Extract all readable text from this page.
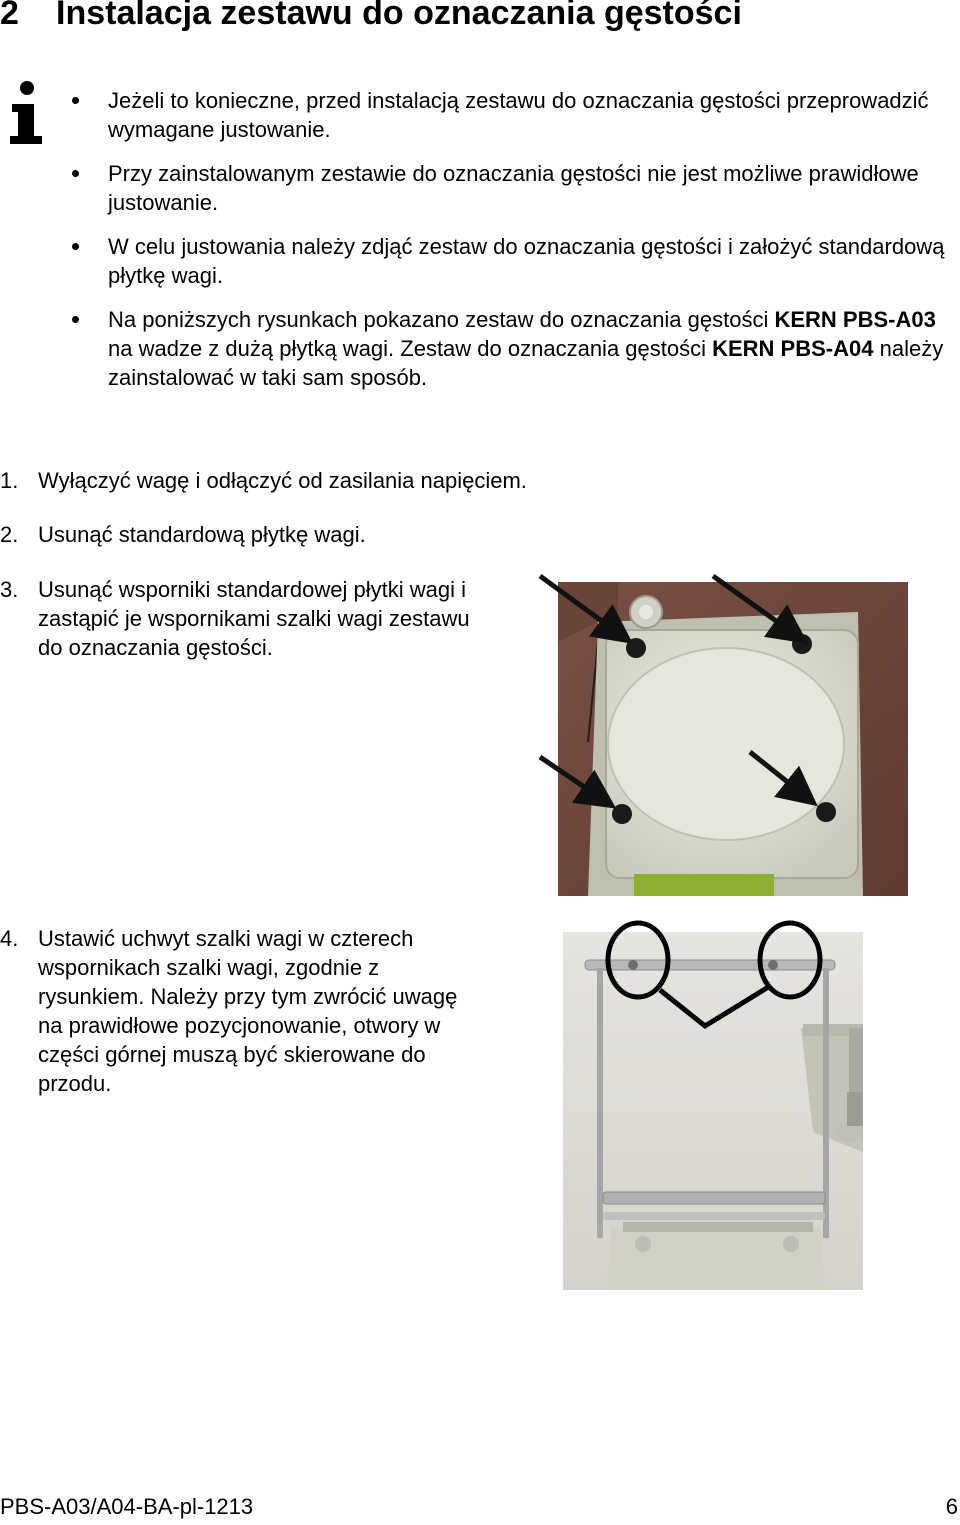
2 Instalacja zestawu do oznaczania gęstości
Jeżeli to konieczne, przed instalacją zestawu do oznaczania gęstości przeprowadzić wymagane justowanie.
Przy zainstalowanym zestawie do oznaczania gęstości nie jest możliwe prawidłowe justowanie.
W celu justowania należy zdjąć zestaw do oznaczania gęstości i założyć standardową płytkę wagi.
Na poniższych rysunkach pokazano zestaw do oznaczania gęstości KERN PBS-A03 na wadze z dużą płytką wagi. Zestaw do oznaczania gęstości KERN PBS-A04 należy zainstalować w taki sam sposób.
1. Wyłączyć wagę i odłączyć od zasilania napięciem.
2. Usunąć standardową płytkę wagi.
3. Usunąć wsporniki standardowej płytki wagi i zastąpić je wspornikami szalki wagi zestawu do oznaczania gęstości.
4. Ustawić uchwyt szalki wagi w czterech wspornikach szalki wagi, zgodnie z rysunkiem. Należy przy tym zwrócić uwagę na prawidłowe pozycjonowanie, otwory w części górnej muszą być skierowane do przodu.
PBS-A03/A04-BA-pl-1213	6
